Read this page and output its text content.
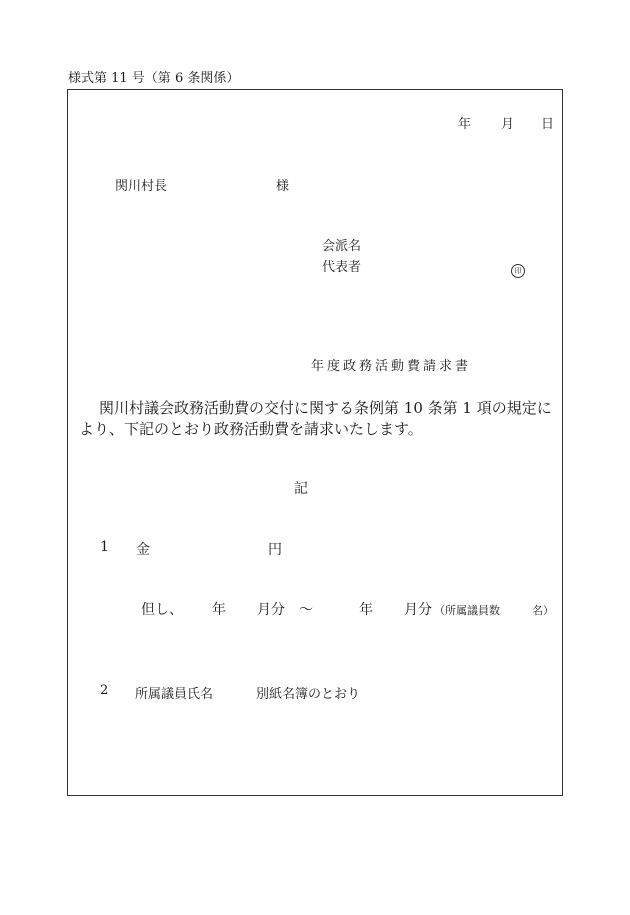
様式第 11 号（第 6 条関係）
年 月 日
関川村長	様
会派名
代表者	印
年度政務活動費請求書
関川村議会政務活動費の交付に関する条例第 10 条第 1 項の規定に
より、下記のとおり政務活動費を請求いたします。
記
1 金	円
但し、 年 月分 ～	年 月分 （所属議員数	名）
2 所属議員氏名	別紙名簿のとおり
